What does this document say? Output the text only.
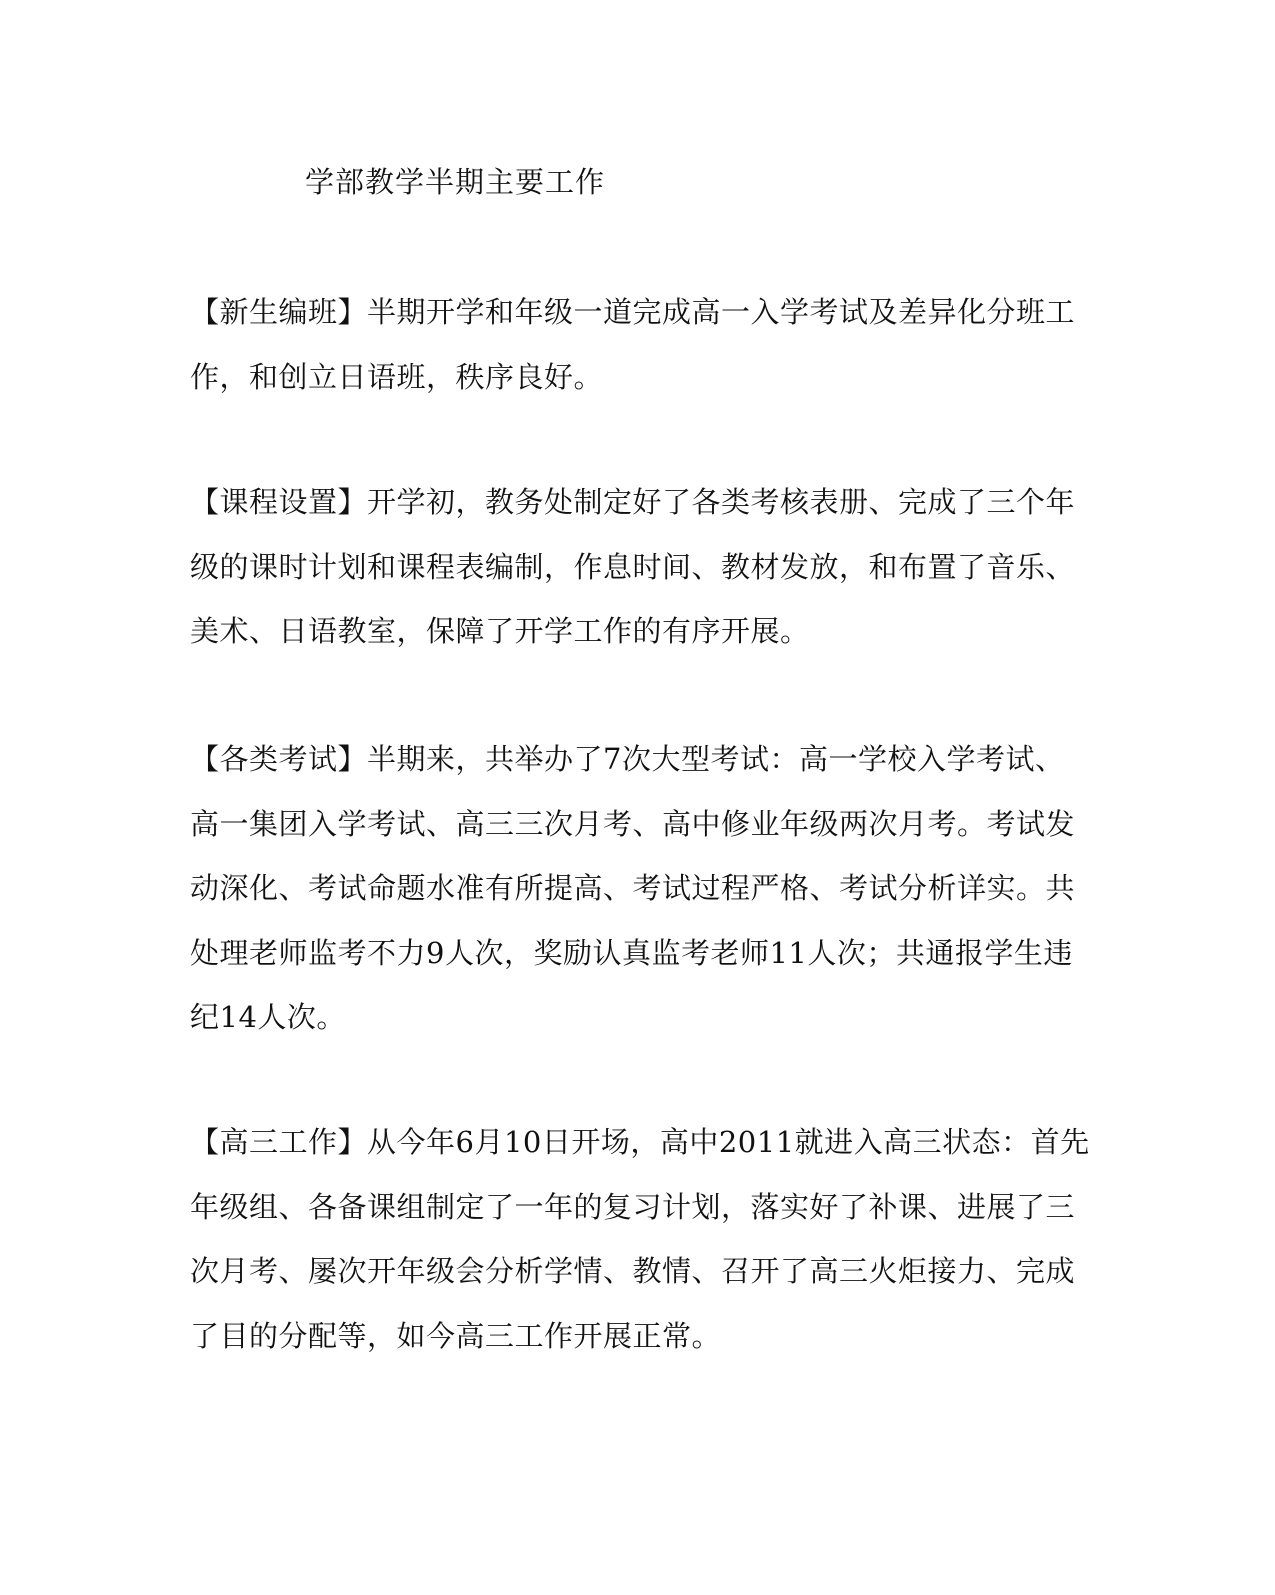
学部教学半期主要工作

【新生编班】半期开学和年级一道完成高一入学考试及差异化分班工
作，和创立日语班，秩序良好。

【课程设置】开学初，教务处制定好了各类考核表册、完成了三个年
级的课时计划和课程表编制，作息时间、教材发放，和布置了音乐、
美术、日语教室，保障了开学工作的有序开展。

【各类考试】半期来，共举办了7次大型考试：高一学校入学考试、
高一集团入学考试、高三三次月考、高中修业年级两次月考。考试发
动深化、考试命题水准有所提高、考试过程严格、考试分析详实。共
处理老师监考不力9人次，奖励认真监考老师11人次；共通报学生违
纪14人次。

【高三工作】从今年6月10日开场，高中2011就进入高三状态：首先
年级组、各备课组制定了一年的复习计划，落实好了补课、进展了三
次月考、屡次开年级会分析学情、教情、召开了高三火炬接力、完成
了目的分配等，如今高三工作开展正常。
